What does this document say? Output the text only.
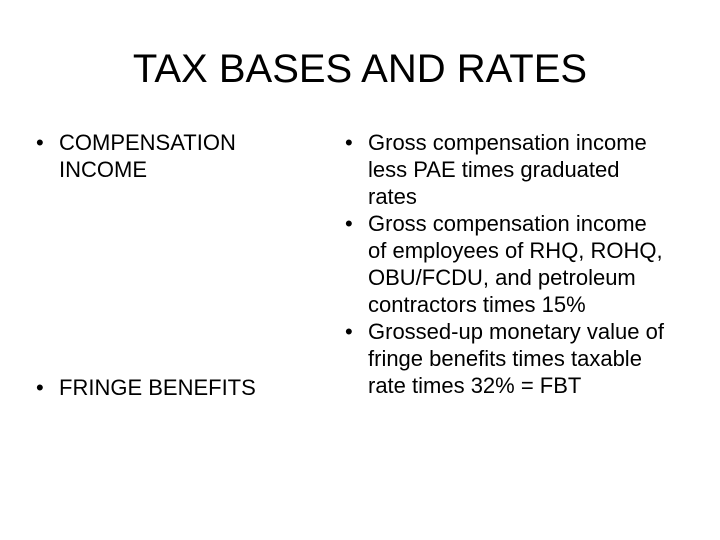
TAX BASES AND RATES
• COMPENSATION INCOME
• FRINGE BENEFITS
• Gross compensation income less PAE times graduated rates
• Gross compensation income of employees of RHQ, ROHQ, OBU/FCDU, and petroleum contractors times 15%
• Grossed-up monetary value of fringe benefits times taxable rate times 32% = FBT
